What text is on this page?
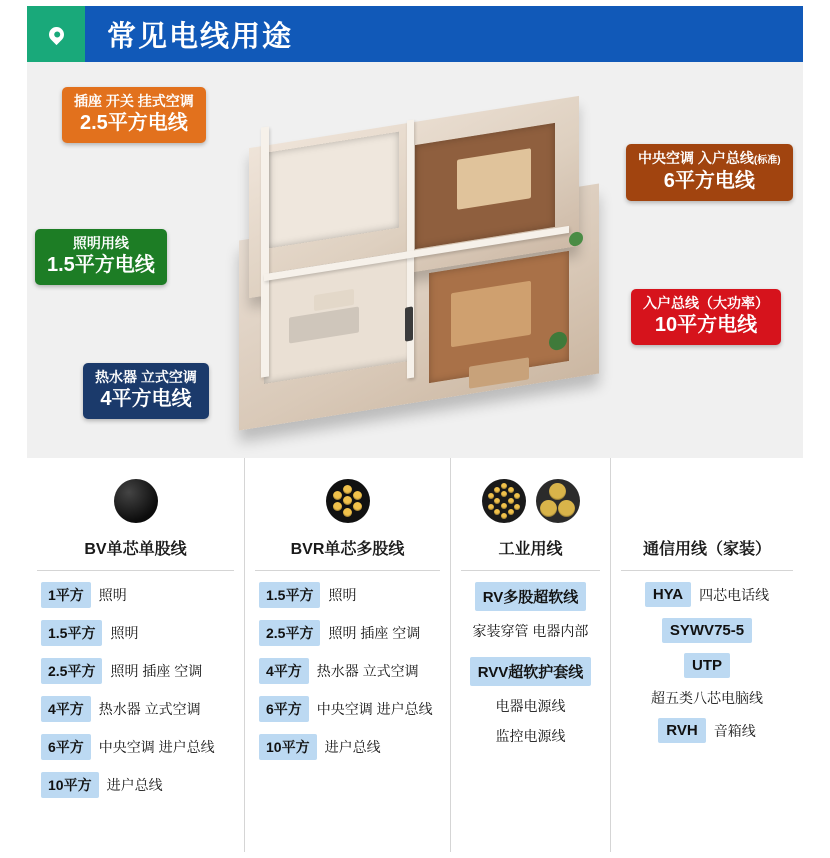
常见电线用途
插座 开关 挂式空调
2.5平方电线
中央空调 入户总线(标准)
6平方电线
照明用线
1.5平方电线
入户总线（大功率）
10平方电线
热水器 立式空调
4平方电线
BV单芯单股线
1平方	照明
1.5平方	照明
2.5平方	照明 插座 空调
4平方	热水器 立式空调
6平方	中央空调 进户总线
10平方	进户总线
BVR单芯多股线
1.5平方	照明
2.5平方	照明 插座 空调
4平方	热水器 立式空调
6平方	中央空调 进户总线
10平方	进户总线
工业用线
RV多股超软线
家装穿管 电器内部
RVV超软护套线
电器电源线
监控电源线
通信用线（家装）
HYA	四芯电话线
SYWV75-5
UTP
超五类八芯电脑线
RVH	音箱线
